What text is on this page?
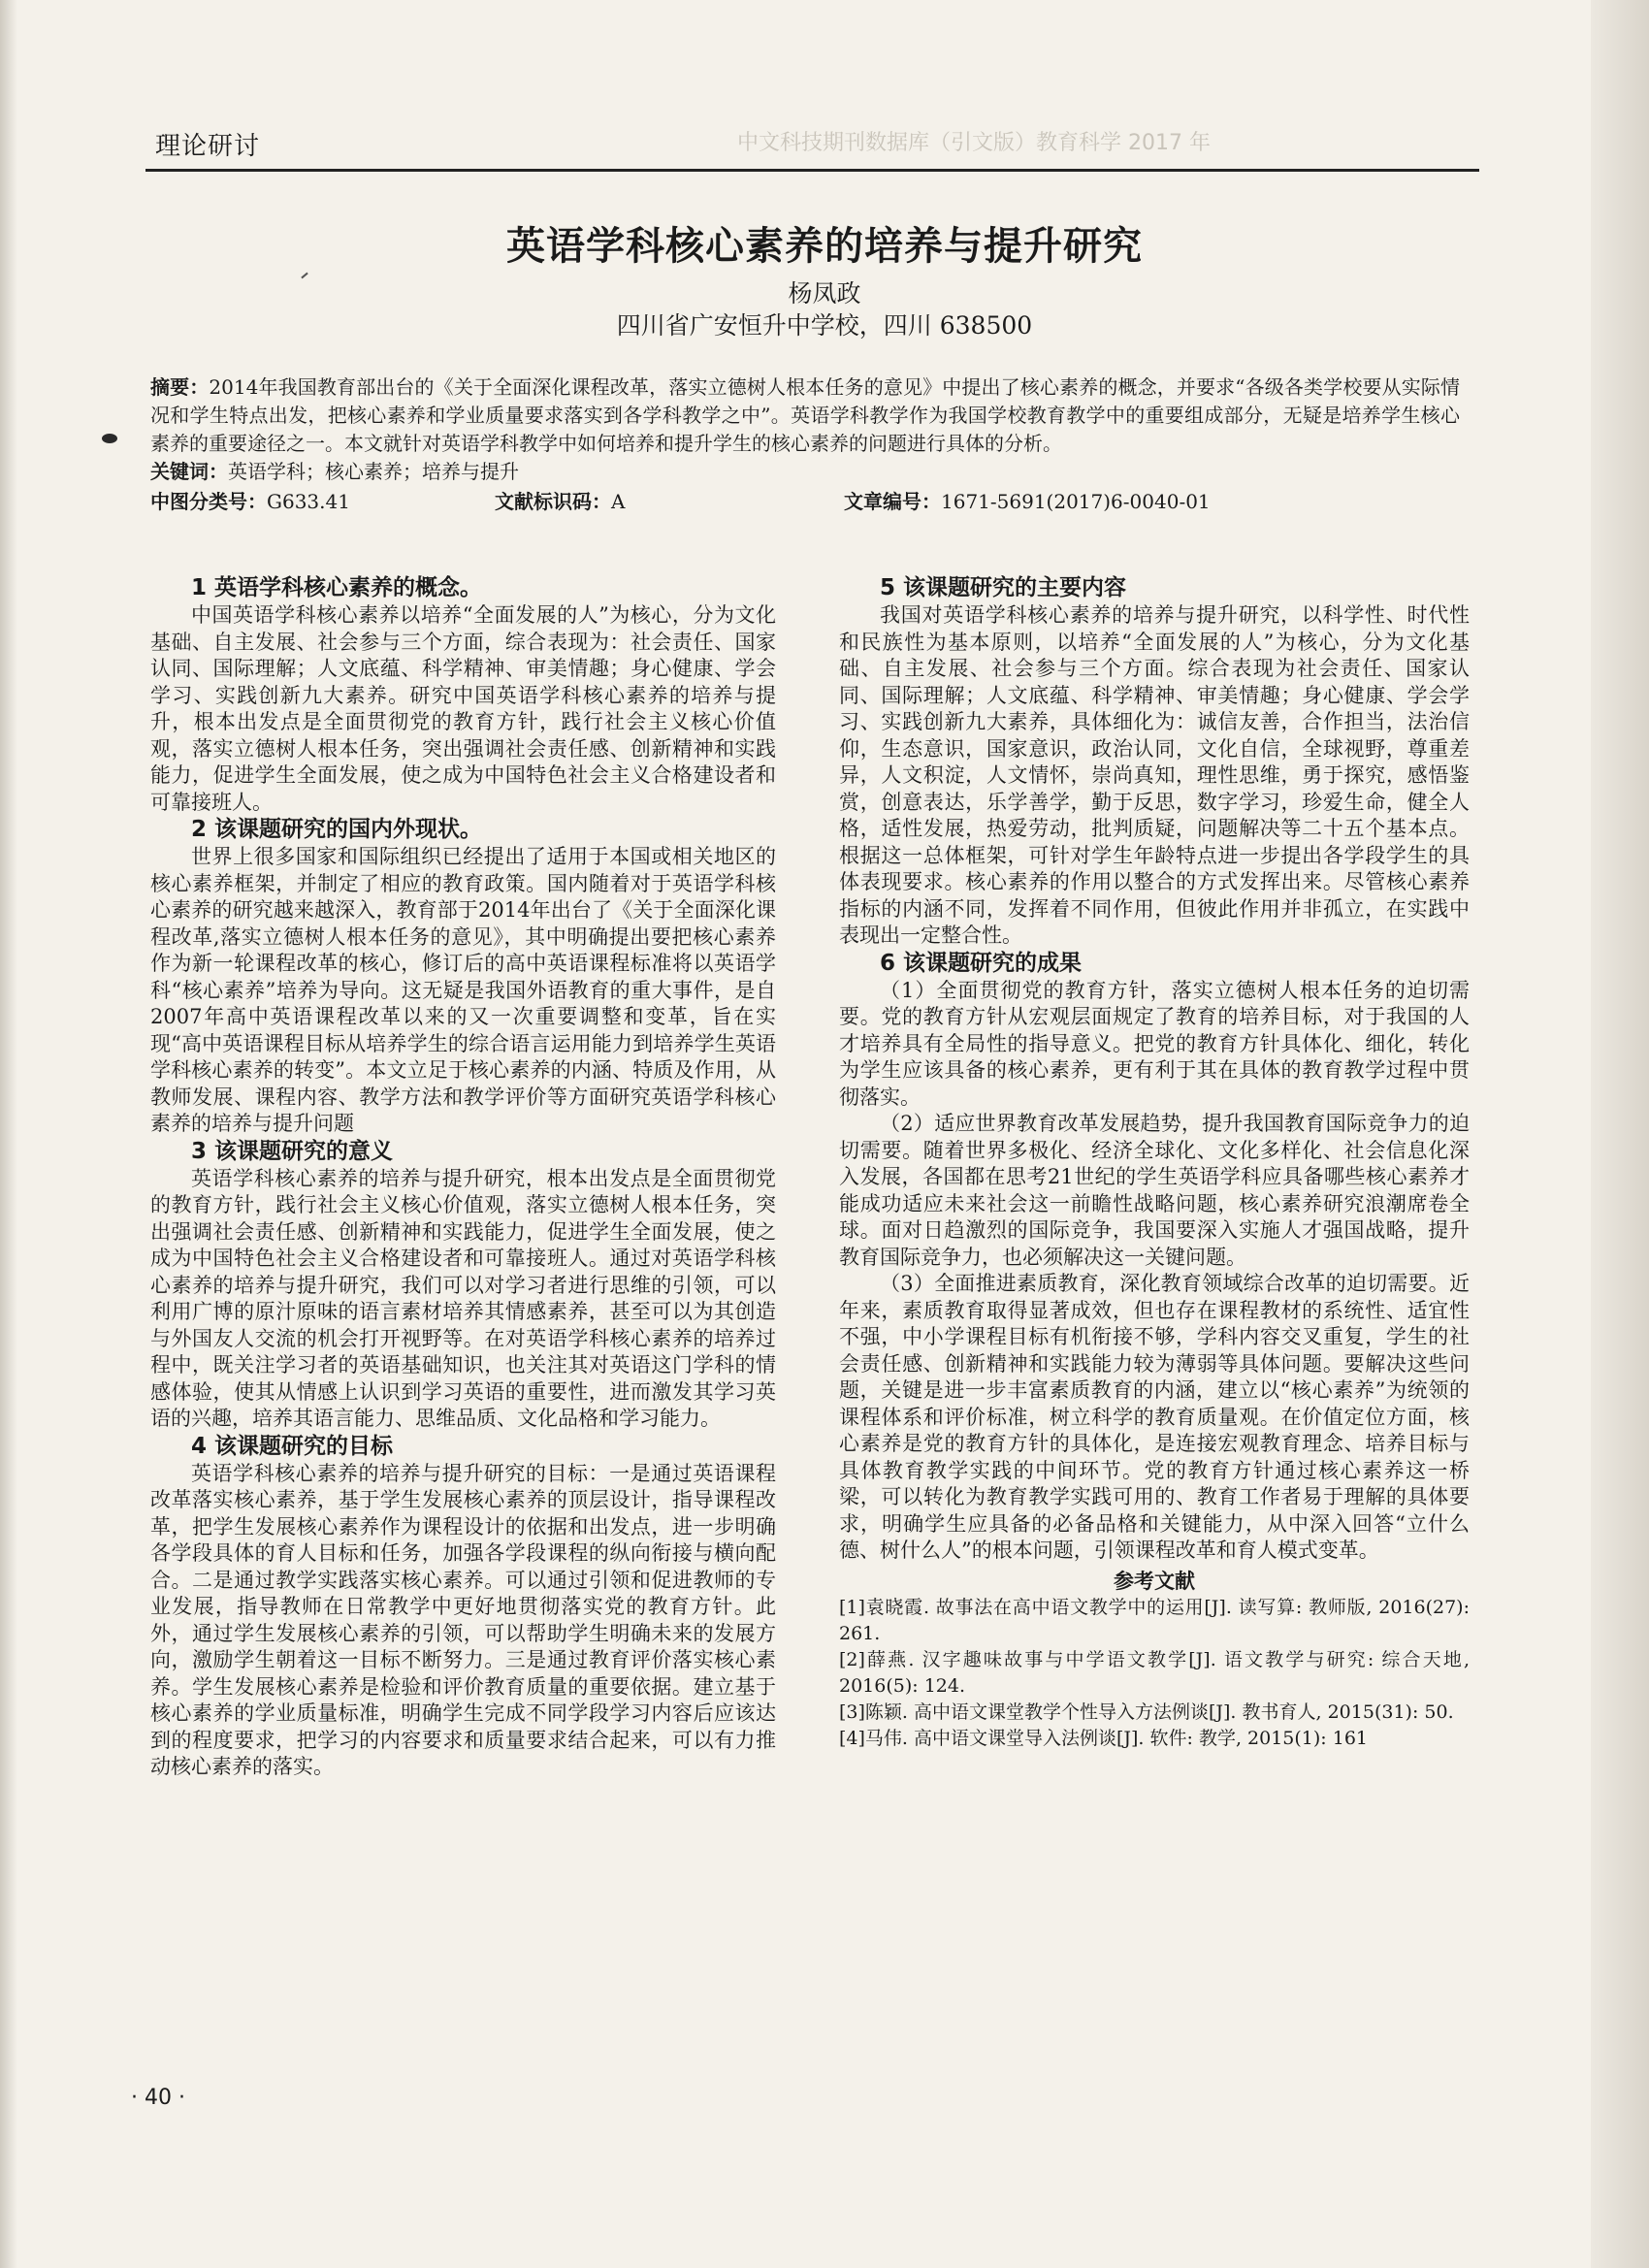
理论研讨	中文科技期刊数据库（引文版）教育科学 2017 年
英语学科核心素养的培养与提升研究
杨凤政
四川省广安恒升中学校，四川 638500
摘要：2014年我国教育部出台的《关于全面深化课程改革，落实立德树人根本任务的意见》中提出了核心素养的概念，并要求“各级各类学校要从实际情况和学生特点出发，把核心素养和学业质量要求落实到各学科教学之中”。英语学科教学作为我国学校教育教学中的重要组成部分，无疑是培养学生核心素养的重要途径之一。本文就针对英语学科教学中如何培养和提升学生的核心素养的问题进行具体的分析。
关键词：英语学科；核心素养；培养与提升
中图分类号：G633.41	文献标识码：A	文章编号：1671-5691(2017)6-0040-01
1 英语学科核心素养的概念。

中国英语学科核心素养以培养“全面发展的人”为核心，分为文化基础、自主发展、社会参与三个方面，综合表现为：社会责任、国家认同、国际理解；人文底蕴、科学精神、审美情趣；身心健康、学会学习、实践创新九大素养。研究中国英语学科核心素养的培养与提升，根本出发点是全面贯彻党的教育方针，践行社会主义核心价值观，落实立德树人根本任务，突出强调社会责任感、创新精神和实践能力，促进学生全面发展，使之成为中国特色社会主义合格建设者和可靠接班人。

2 该课题研究的国内外现状。

世界上很多国家和国际组织已经提出了适用于本国或相关地区的核心素养框架，并制定了相应的教育政策。国内随着对于英语学科核心素养的研究越来越深入，教育部于2014年出台了《关于全面深化课程改革,落实立德树人根本任务的意见》，其中明确提出要把核心素养作为新一轮课程改革的核心，修订后的高中英语课程标准将以英语学科“核心素养”培养为导向。这无疑是我国外语教育的重大事件，是自2007年高中英语课程改革以来的又一次重要调整和变革，旨在实现“高中英语课程目标从培养学生的综合语言运用能力到培养学生英语学科核心素养的转变”。本文立足于核心素养的内涵、特质及作用，从教师发展、课程内容、教学方法和教学评价等方面研究英语学科核心素养的培养与提升问题

3 该课题研究的意义

英语学科核心素养的培养与提升研究，根本出发点是全面贯彻党的教育方针，践行社会主义核心价值观，落实立德树人根本任务，突出强调社会责任感、创新精神和实践能力，促进学生全面发展，使之成为中国特色社会主义合格建设者和可靠接班人。通过对英语学科核心素养的培养与提升研究，我们可以对学习者进行思维的引领，可以利用广博的原汁原味的语言素材培养其情感素养，甚至可以为其创造与外国友人交流的机会打开视野等。在对英语学科核心素养的培养过程中，既关注学习者的英语基础知识，也关注其对英语这门学科的情感体验，使其从情感上认识到学习英语的重要性，进而激发其学习英语的兴趣，培养其语言能力、思维品质、文化品格和学习能力。

4 该课题研究的目标

英语学科核心素养的培养与提升研究的目标：一是通过英语课程改革落实核心素养，基于学生发展核心素养的顶层设计，指导课程改革，把学生发展核心素养作为课程设计的依据和出发点，进一步明确各学段具体的育人目标和任务，加强各学段课程的纵向衔接与横向配合。二是通过教学实践落实核心素养。可以通过引领和促进教师的专业发展，指导教师在日常教学中更好地贯彻落实党的教育方针。此外，通过学生发展核心素养的引领，可以帮助学生明确未来的发展方向，激励学生朝着这一目标不断努力。三是通过教育评价落实核心素养。学生发展核心素养是检验和评价教育质量的重要依据。建立基于核心素养的学业质量标准，明确学生完成不同学段学习内容后应该达到的程度要求，把学习的内容要求和质量要求结合起来，可以有力推动核心素养的落实。

5 该课题研究的主要内容

我国对英语学科核心素养的培养与提升研究，以科学性、时代性和民族性为基本原则，以培养“全面发展的人”为核心，分为文化基础、自主发展、社会参与三个方面。综合表现为社会责任、国家认同、国际理解；人文底蕴、科学精神、审美情趣；身心健康、学会学习、实践创新九大素养，具体细化为：诚信友善，合作担当，法治信仰，生态意识，国家意识，政治认同，文化自信，全球视野，尊重差异，人文积淀，人文情怀，崇尚真知，理性思维，勇于探究，感悟鉴赏，创意表达，乐学善学，勤于反思，数字学习，珍爱生命，健全人格，适性发展，热爱劳动，批判质疑，问题解决等二十五个基本点。根据这一总体框架，可针对学生年龄特点进一步提出各学段学生的具体表现要求。核心素养的作用以整合的方式发挥出来。尽管核心素养指标的内涵不同，发挥着不同作用，但彼此作用并非孤立，在实践中表现出一定整合性。

6 该课题研究的成果

（1）全面贯彻党的教育方针，落实立德树人根本任务的迫切需要。党的教育方针从宏观层面规定了教育的培养目标，对于我国的人才培养具有全局性的指导意义。把党的教育方针具体化、细化，转化为学生应该具备的核心素养，更有利于其在具体的教育教学过程中贯彻落实。

（2）适应世界教育改革发展趋势，提升我国教育国际竞争力的迫切需要。随着世界多极化、经济全球化、文化多样化、社会信息化深入发展，各国都在思考21世纪的学生英语学科应具备哪些核心素养才能成功适应未来社会这一前瞻性战略问题，核心素养研究浪潮席卷全球。面对日趋激烈的国际竞争，我国要深入实施人才强国战略，提升教育国际竞争力，也必须解决这一关键问题。

（3）全面推进素质教育，深化教育领域综合改革的迫切需要。近年来，素质教育取得显著成效，但也存在课程教材的系统性、适宜性不强，中小学课程目标有机衔接不够，学科内容交叉重复，学生的社会责任感、创新精神和实践能力较为薄弱等具体问题。要解决这些问题，关键是进一步丰富素质教育的内涵，建立以“核心素养”为统领的课程体系和评价标准，树立科学的教育质量观。在价值定位方面，核心素养是党的教育方针的具体化，是连接宏观教育理念、培养目标与具体教育教学实践的中间环节。党的教育方针通过核心素养这一桥梁，可以转化为教育教学实践可用的、教育工作者易于理解的具体要求，明确学生应具备的必备品格和关键能力，从中深入回答“立什么德、树什么人”的根本问题，引领课程改革和育人模式变革。

参考文献

[1]袁晓霞. 故事法在高中语文教学中的运用[J]. 读写算: 教师版, 2016(27): 261.

[2]薛燕. 汉字趣味故事与中学语文教学[J]. 语文教学与研究: 综合天地, 2016(5): 124.

[3]陈颖. 高中语文课堂教学个性导入方法例谈[J]. 教书育人, 2015(31): 50.

[4]马伟. 高中语文课堂导入法例谈[J]. 软件: 教学, 2015(1): 161

· 40 ·
